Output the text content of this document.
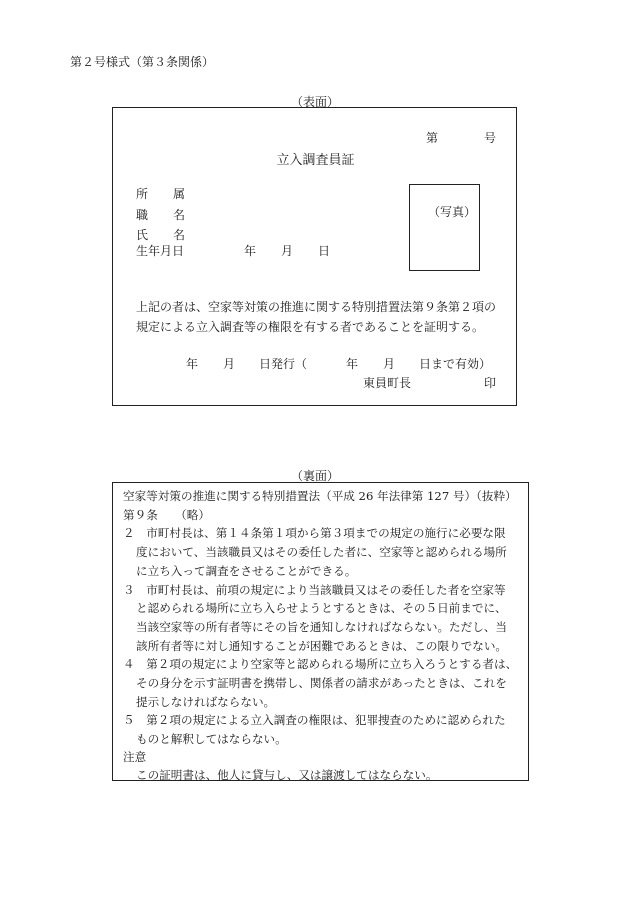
第２号様式（第３条関係）
（表面）
第	号
立入調査員証
所 属
職 名
氏 名
生年月日	年 月 日
（写真）
上記の者は、空家等対策の推進に関する特別措置法第９条第２項の
規定による立入調査等の権限を有する者であることを証明する。
年 月 日発行（	年 月 日まで有効）
東員町長	印
（裏面）
空家等対策の推進に関する特別措置法（平成 26 年法律第 127 号）（抜粋）
第９条　　（略）
２　市町村長は、第１４条第１項から第３項までの規定の施行に必要な限
度において、当該職員又はその委任した者に、空家等と認められる場所
に立ち入って調査をさせることができる。
３　市町村長は、前項の規定により当該職員又はその委任した者を空家等
と認められる場所に立ち入らせようとするときは、その５日前までに、
当該空家等の所有者等にその旨を通知しなければならない。ただし、当
該所有者等に対し通知することが困難であるときは、この限りでない。
４　第２項の規定により空家等と認められる場所に立ち入ろうとする者は、
その身分を示す証明書を携帯し、関係者の請求があったときは、これを
提示しなければならない。
５　第２項の規定による立入調査の権限は、犯罪捜査のために認められた
ものと解釈してはならない。
注意
この証明書は、他人に貸与し、又は譲渡してはならない。
